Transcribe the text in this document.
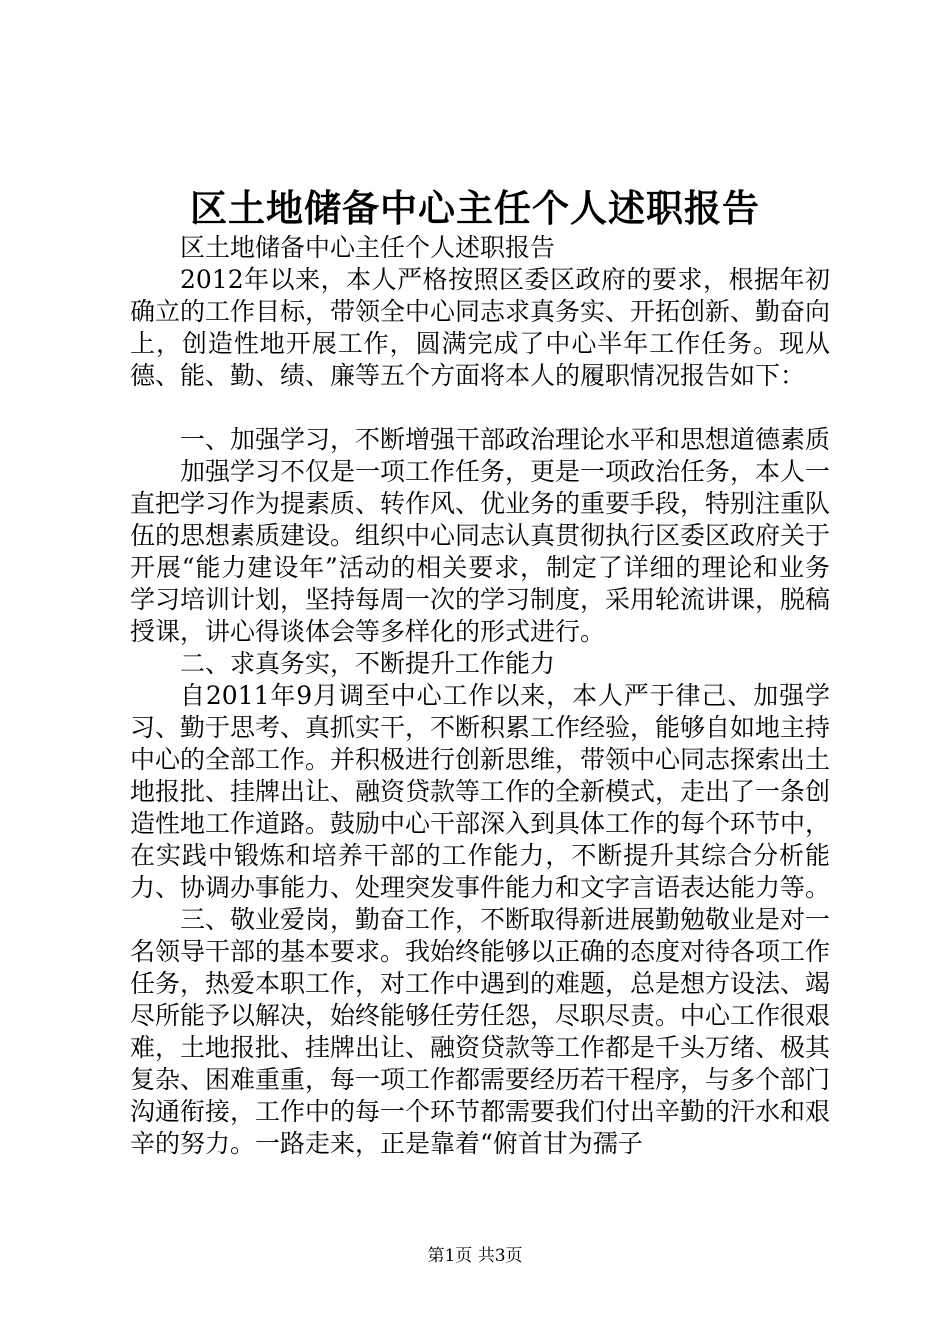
区土地储备中心主任个人述职报告

区土地储备中心主任个人述职报告

2012年以来，本人严格按照区委区政府的要求，根据年初确立的工作目标，带领全中心同志求真务实、开拓创新、勤奋向上，创造性地开展工作，圆满完成了中心半年工作任务。现从德、能、勤、绩、廉等五个方面将本人的履职情况报告如下：

一、加强学习，不断增强干部政治理论水平和思想道德素质

加强学习不仅是一项工作任务，更是一项政治任务，本人一直把学习作为提素质、转作风、优业务的重要手段，特别注重队伍的思想素质建设。组织中心同志认真贯彻执行区委区政府关于开展“能力建设年”活动的相关要求，制定了详细的理论和业务学习培训计划，坚持每周一次的学习制度，采用轮流讲课，脱稿授课，讲心得谈体会等多样化的形式进行。

二、求真务实，不断提升工作能力

自2011年9月调至中心工作以来，本人严于律己、加强学习、勤于思考、真抓实干，不断积累工作经验，能够自如地主持中心的全部工作。并积极进行创新思维，带领中心同志探索出土地报批、挂牌出让、融资贷款等工作的全新模式，走出了一条创造性地工作道路。鼓励中心干部深入到具体工作的每个环节中，在实践中锻炼和培养干部的工作能力，不断提升其综合分析能力、协调办事能力、处理突发事件能力和文字言语表达能力等。

三、敬业爱岗，勤奋工作，不断取得新进展勤勉敬业是对一名领导干部的基本要求。我始终能够以正确的态度对待各项工作任务，热爱本职工作，对工作中遇到的难题，总是想方设法、竭尽所能予以解决，始终能够任劳任怨，尽职尽责。中心工作很艰难，土地报批、挂牌出让、融资贷款等工作都是千头万绪、极其复杂、困难重重，每一项工作都需要经历若干程序，与多个部门沟通衔接，工作中的每一个环节都需要我们付出辛勤的汗水和艰辛的努力。一路走来，正是靠着“俯首甘为孺子

第1页 共3页
